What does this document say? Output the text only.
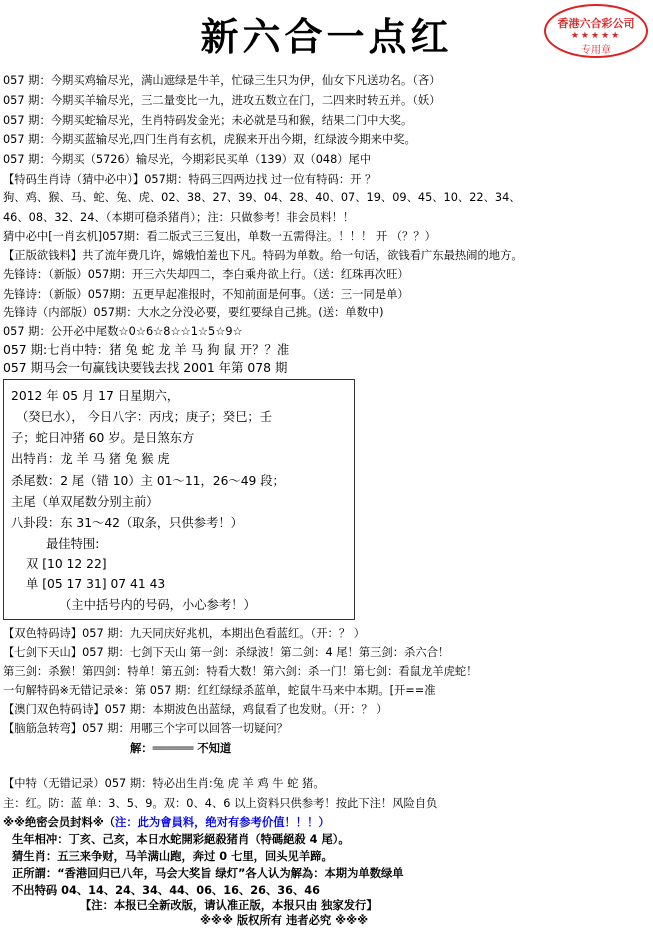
新六合一点红	香港六合彩公司
★★★★★
专用章
057 期：今期买鸡输尽光，满山遮绿是牛羊，忙碌三生只为伊，仙女下凡送功名。（吝）
057 期：今期买羊输尽光，三二量变比一九，进攻五数立在门，二四来时转五并。（妖）
057 期：今期买蛇输尽光，生肖特码发金光；未必就是马和猴，结果二门中大奖。
057 期：今期买蓝输尽光,四门生肖有玄机，虎猴来开出今期，红绿波今期来中奖。
057 期：今期买（5726）输尽光，今期彩民买单（139）双（048）尾中
【特码生肖诗（猜中必中）】057期：特码三四两边找 过一位有特码：开 ？
狗、鸡、猴、马、蛇、兔、虎、02、38、27、39、04、28、40、07、19、09、45、10、22、34、
46、08、32、24、（本期可稳杀猪肖）；注：只做参考！非会员料！！
猜中必中[一肖玄机]057期：看二版式三三复出，单数一五需得注。！！！ 开 （？？）
【正版欲钱料】共了流年费几许，嫦娥怕羞也下凡。特码为单数。给一句话，欲钱看广东最热闹的地方。
先锋诗：（新版）057期：开三六失却四二，李白乘舟欲上行。（送：红珠再次旺）
先锋诗：（新版）057期：五更早起准报时，不知前面是何事。（送：三一同是单）
先锋诗（内部版）057期：大水之分没必要，要红要绿自己挑。(送：单数中)
057 期：公开必中尾数☆0☆6☆8☆☆1☆5☆9☆
057 期:七肖中特：猪 兔 蛇 龙 羊 马 狗 鼠 开？？准
057 期马会一句赢钱诀要钱去找 2001 年第 078 期
2012 年 05 月 17 日星期六，
（癸巳水）， 今日八字：丙戌；庚子；癸巳；壬
子；蛇日冲猪 60 岁。是日煞东方
出特肖：龙 羊 马 猪 兔 猴 虎
杀尾数：2 尾（错 10）主 01～11，26～49 段；
主尾（单双尾数分别主前）
八卦段：东 31～42（取条，只供参考！）
最佳特围:
双 [10 12 22]
单 [05 17 31] 07 41 43
（主中括号内的号码，小心参考！）
【双色特码诗】057 期：九天同庆好兆机，本期出色看蓝红。（开：？ ）
【七剑下天山】057 期：七剑下天山 第一剑：杀绿波！第二剑：4 尾！第三剑：杀六合！
第三剑：杀猴！第四剑：特单！第五剑：特看大数！第六剑：杀一门！第七剑：看鼠龙羊虎蛇！
一句解特码※无错记录※：第 057 期：红红绿绿杀蓝单，蛇鼠牛马来中本期。[开==准
【澳门双色特码诗】057 期：本期波色出蓝绿，鸡鼠看了也发财。（开：？ ）
【脑筋急转弯】057 期：用哪三个字可以回答一切疑问？
解：══════ 不知道
【中特（无错记录）057 期：特必出生肖:兔 虎 羊 鸡 牛 蛇 猪。
主：红。防：蓝 单：3、5、9。双：0、4、6 以上资料只供参考！按此下注！风险自负
※※绝密会员封料※（注：此为會員料，绝对有参考价值！！！）
生年相冲：丁亥、己亥，本日水蛇開彩絕殺猪肖（特碼絕殺 4 尾）。
猜生肖：五三来争财，马羊满山跑，奔过 0 七里，回头见羊蹄。
正所謂：“香港回归已八年，马会大奖旨 绿灯”各人认为解為：本期为单数绿单
不出特码 04、14、24、34、44、06、16、26、36、46
【注：本报已全新改版，请认准正版，本报只由 独家发行】
※※※ 版权所有 违者必究 ※※※
